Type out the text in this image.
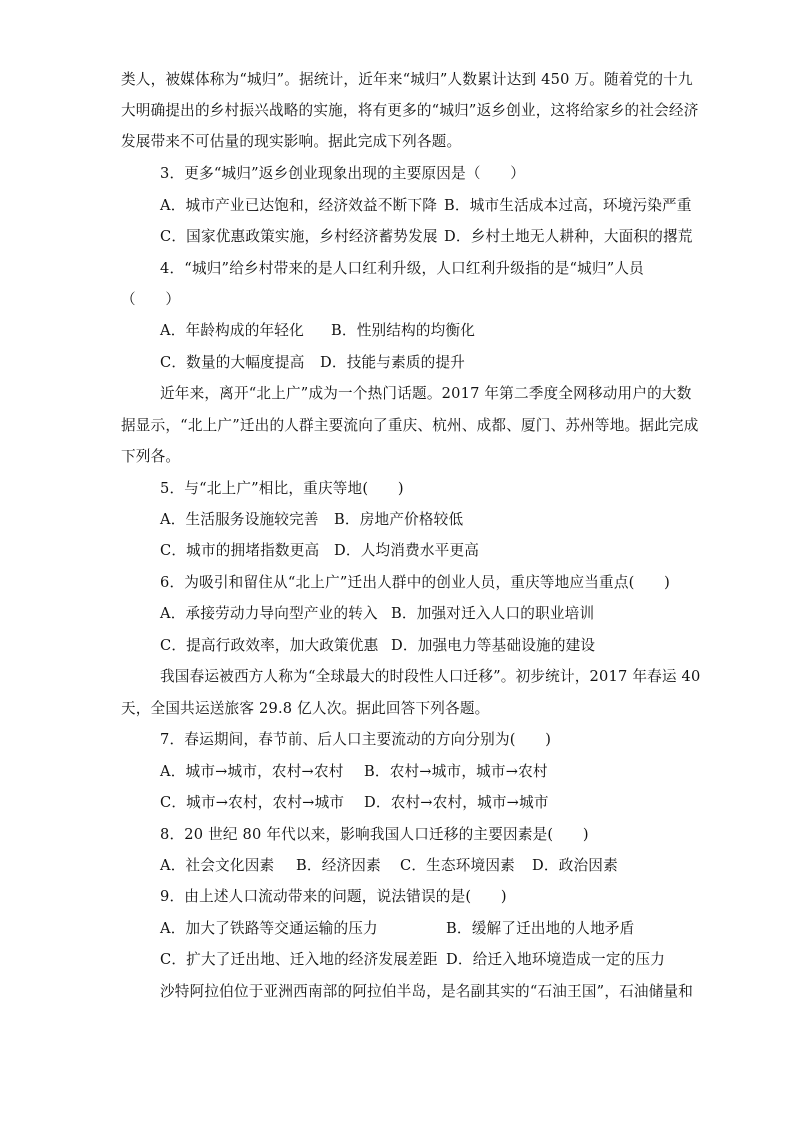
类人，被媒体称为“城归”。据统计，近年来“城归”人数累计达到 450 万。随着党的十九
大明确提出的乡村振兴战略的实施，将有更多的“城归”返乡创业，这将给家乡的社会经济
发展带来不可估量的现实影响。据此完成下列各题。
3．更多“城归”返乡创业现象出现的主要原因是（　　）
A．城市产业已达饱和，经济效益不断下降 B．城市生活成本过高，环境污染严重
C．国家优惠政策实施，乡村经济蓄势发展 D．乡村土地无人耕种，大面积的撂荒
4．“城归”给乡村带来的是人口红利升级，人口红利升级指的是“城归”人员
（　　）
A．年龄构成的年轻化 B．性别结构的均衡化
C．数量的大幅度提高 D．技能与素质的提升
近年来，离开“北上广”成为一个热门话题。2017 年第二季度全网移动用户的大数
据显示，“北上广”迁出的人群主要流向了重庆、杭州、成都、厦门、苏州等地。据此完成
下列各。
5．与“北上广”相比，重庆等地(　　)
A．生活服务设施较完善 B．房地产价格较低
C．城市的拥堵指数更高 D．人均消费水平更高
6．为吸引和留住从“北上广”迁出人群中的创业人员，重庆等地应当重点(　　)
A．承接劳动力导向型产业的转入 B．加强对迁入人口的职业培训
C．提高行政效率，加大政策优惠 D．加强电力等基础设施的建设
我国春运被西方人称为“全球最大的时段性人口迁移”。初步统计，2017 年春运 40
天，全国共运送旅客 29.8 亿人次。据此回答下列各题。
7．春运期间，春节前、后人口主要流动的方向分别为(　　)
A．城市→城市，农村→农村 B．农村→城市，城市→农村
C．城市→农村，农村→城市 D．农村→农村，城市→城市
8．20 世纪 80 年代以来，影响我国人口迁移的主要因素是(　　)
A．社会文化因素 B．经济因素 C．生态环境因素 D．政治因素
9．由上述人口流动带来的问题，说法错误的是(　　)
A．加大了铁路等交通运输的压力	B．缓解了迁出地的人地矛盾
C．扩大了迁出地、迁入地的经济发展差距 D．给迁入地环境造成一定的压力
沙特阿拉伯位于亚洲西南部的阿拉伯半岛，是名副其实的“石油王国”，石油储量和
